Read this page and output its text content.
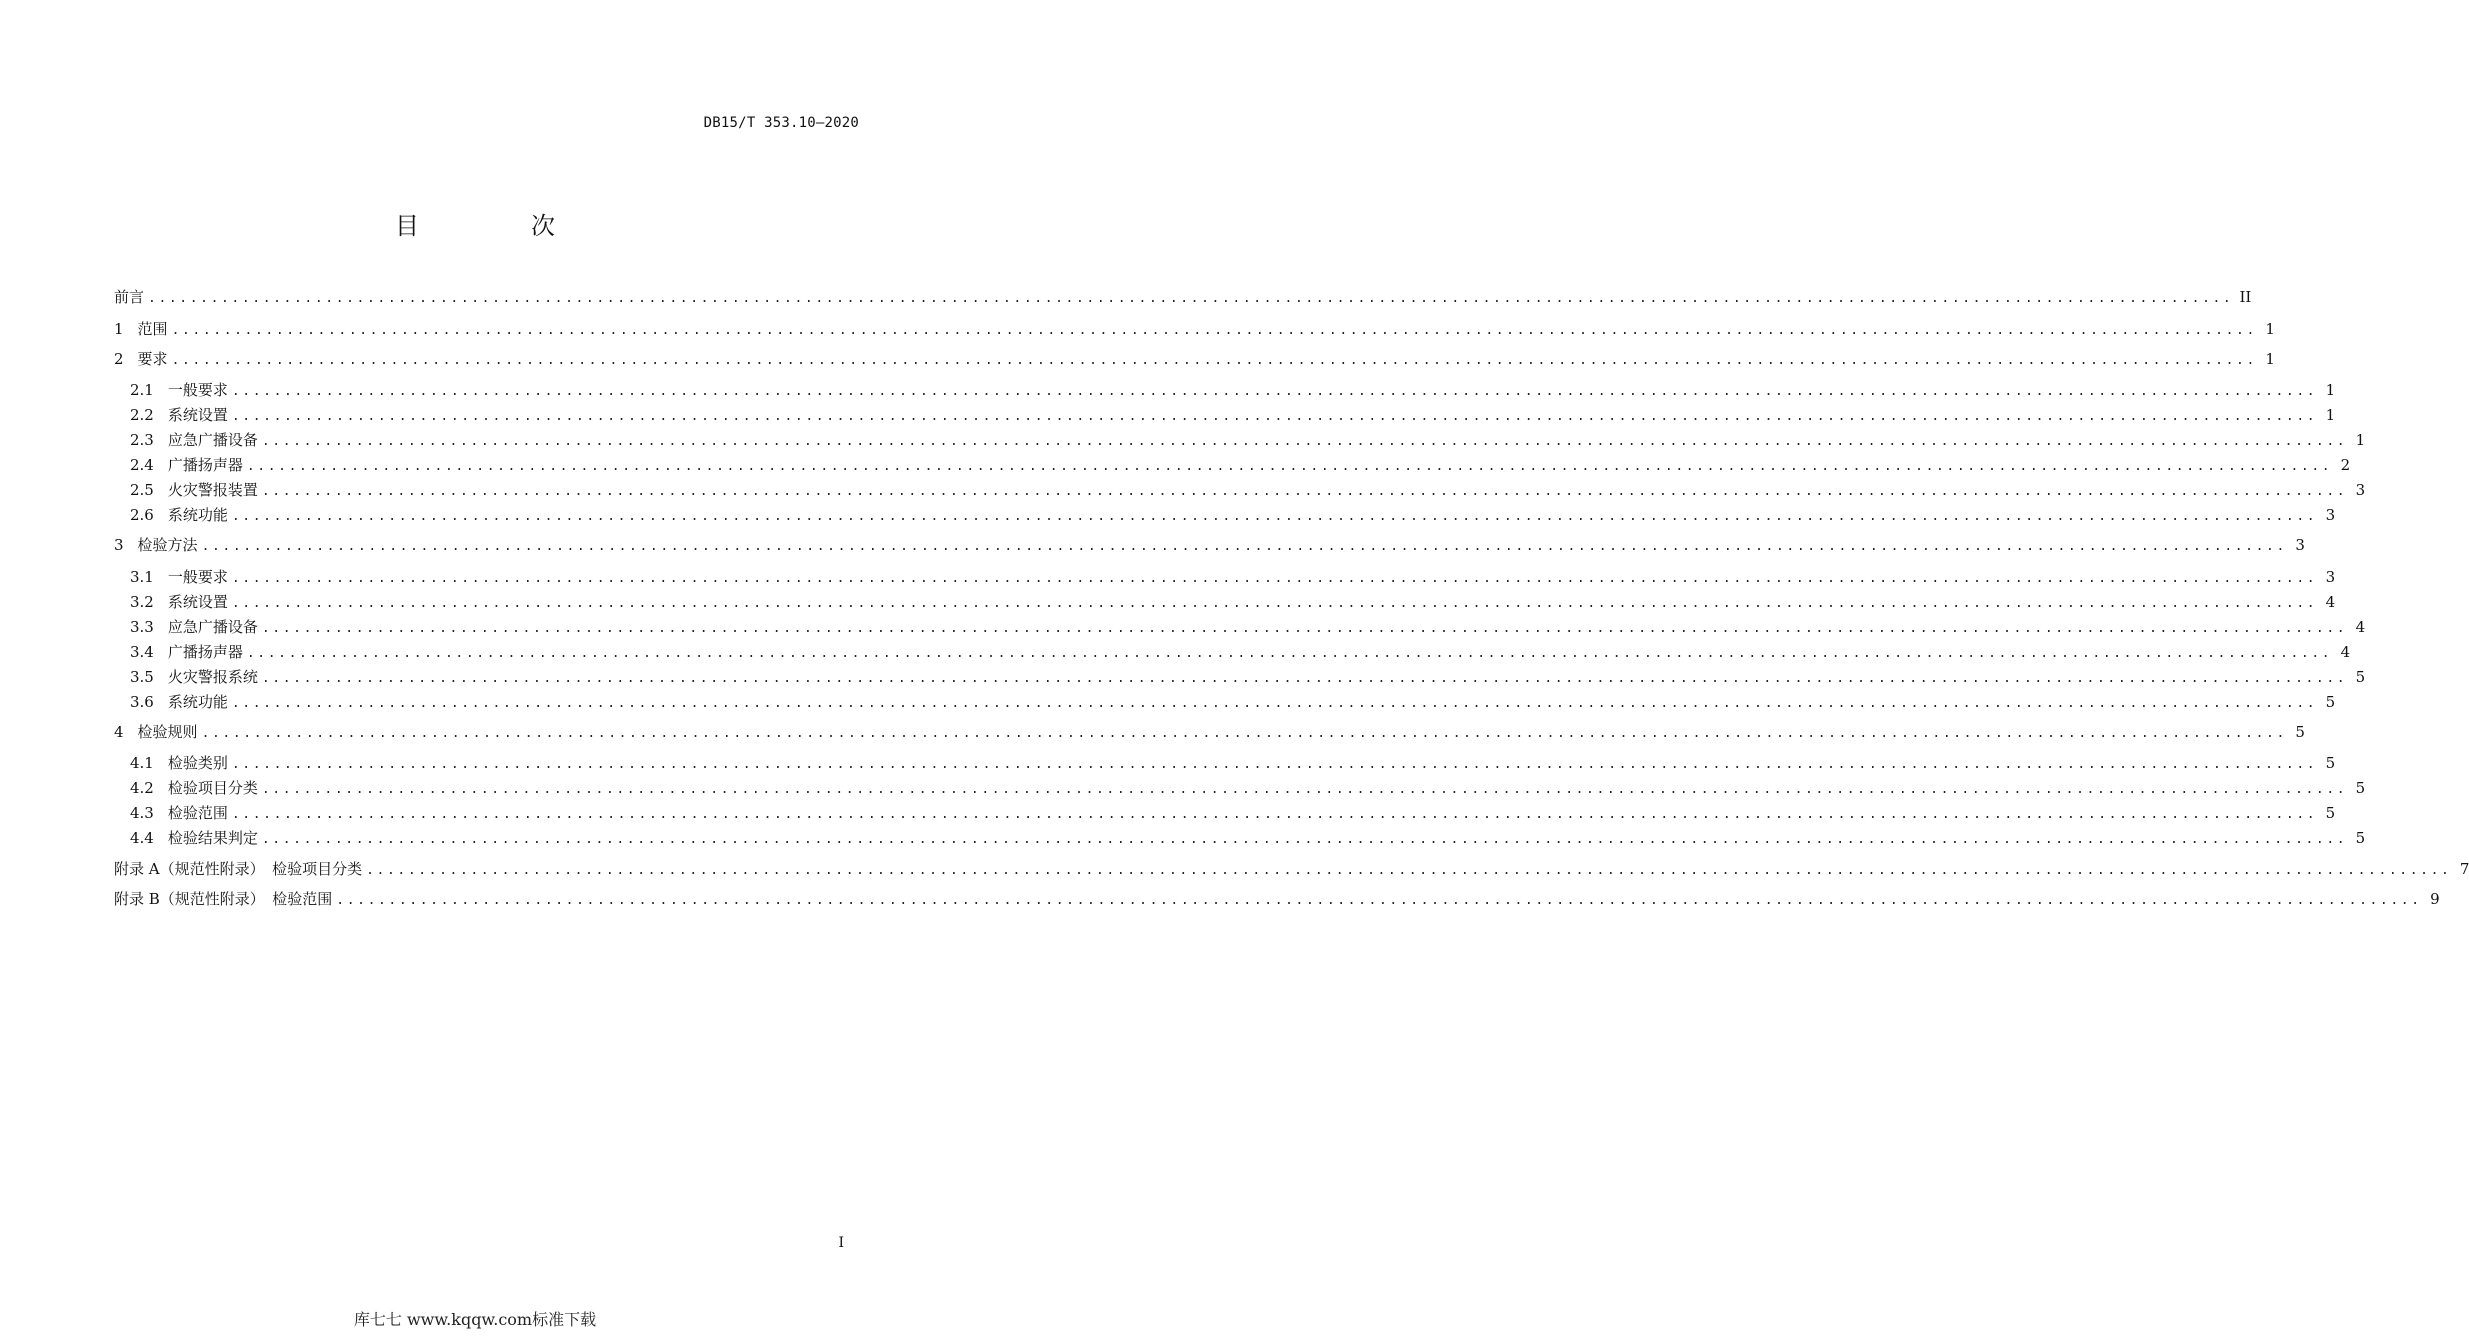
DB15/T 353.10—2020
目　次
前言 ........................................................................................................................................................................................................ II
1 范围 ........................................................................................................................................................................................................ 1
2 要求 ........................................................................................................................................................................................................ 1
2.1 一般要求 ........................................................................................................................................................................................................ 1
2.2 系统设置 ........................................................................................................................................................................................................ 1
2.3 应急广播设备 ........................................................................................................................................................................................................ 1
2.4 广播扬声器 ........................................................................................................................................................................................................ 2
2.5 火灾警报装置 ........................................................................................................................................................................................................ 3
2.6 系统功能 ........................................................................................................................................................................................................ 3
3 检验方法 ........................................................................................................................................................................................................ 3
3.1 一般要求 ........................................................................................................................................................................................................ 3
3.2 系统设置 ........................................................................................................................................................................................................ 4
3.3 应急广播设备 ........................................................................................................................................................................................................ 4
3.4 广播扬声器 ........................................................................................................................................................................................................ 4
3.5 火灾警报系统 ........................................................................................................................................................................................................ 5
3.6 系统功能 ........................................................................................................................................................................................................ 5
4 检验规则 ........................................................................................................................................................................................................ 5
4.1 检验类别 ........................................................................................................................................................................................................ 5
4.2 检验项目分类 ........................................................................................................................................................................................................ 5
4.3 检验范围 ........................................................................................................................................................................................................ 5
4.4 检验结果判定 ........................................................................................................................................................................................................ 5
附录 A（规范性附录）　检验项目分类 ........................................................................................................................................................................................................ 7
附录 B（规范性附录）　检验范围 ........................................................................................................................................................................................................ 9
I
库七七 www.kqqw.com标准下载
